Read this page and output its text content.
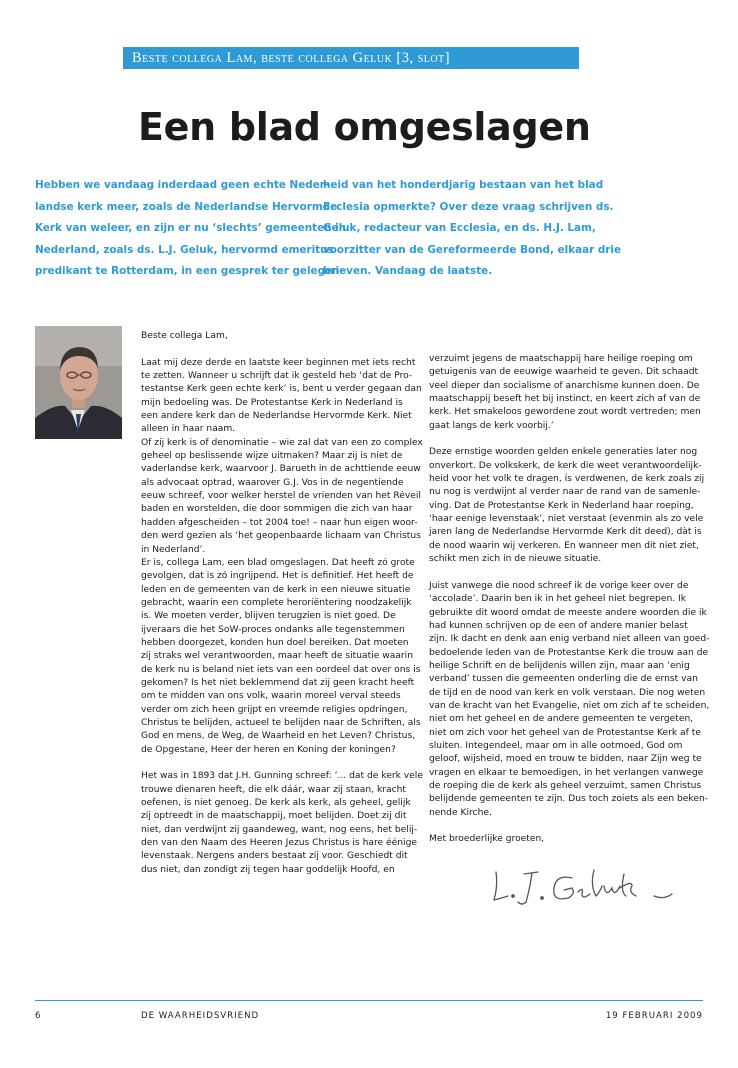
Beste collega Lam, beste collega Geluk [3, slot]
Een blad omgeslagen
Hebben we vandaag inderdaad geen echte Neder-
landse kerk meer, zoals de Nederlandse Hervormde
Kerk van weleer, en zijn er nu ‘slechts’ gemeenten in
Nederland, zoals ds. L.J. Geluk, hervormd emeritus
predikant te Rotterdam, in een gesprek ter gelegen-
heid van het honderdjarig bestaan van het blad
Ecclesia opmerkte? Over deze vraag schrijven ds.
Geluk, redacteur van Ecclesia, en ds. H.J. Lam,
voorzitter van de Gereformeerde Bond, elkaar drie
brieven. Vandaag de laatste.
Beste collega Lam,
Laat mij deze derde en laatste keer beginnen met iets recht
te zetten. Wanneer u schrijft dat ik gesteld heb ‘dat de Pro-
testantse Kerk geen echte kerk’ is, bent u verder gegaan dan
mijn bedoeling was. De Protestantse Kerk in Nederland is
een andere kerk dan de Nederlandse Hervormde Kerk. Niet
alleen in haar naam.
Of zij kerk is of denominatie – wie zal dat van een zo complex
geheel op beslissende wijze uitmaken? Maar zij is niet de
vaderlandse kerk, waarvoor J. Barueth in de achttiende eeuw
als advocaat optrad, waarover G.J. Vos in de negentiende
eeuw schreef, voor welker herstel de vrienden van het Réveil
baden en worstelden, die door sommigen die zich van haar
hadden afgescheiden – tot 2004 toe! – naar hun eigen woor-
den werd gezien als ‘het geopenbaarde lichaam van Christus
in Nederland’.
Er is, collega Lam, een blad omgeslagen. Dat heeft zó grote
gevolgen, dat is zó ingrijpend. Het is definitief. Het heeft de
leden en de gemeenten van de kerk in een nieuwe situatie
gebracht, waarin een complete heroriëntering noodzakelijk
is. We moeten verder, blijven terugzien is niet goed. De
ijveraars die het SoW-proces ondanks alle tegenstemmen
hebben doorgezet, konden hun doel bereiken. Dat moeten
zij straks wel verantwoorden, maar heeft de situatie waarin
de kerk nu is beland niet iets van een oordeel dat over ons is
gekomen? Is het niet beklemmend dat zij geen kracht heeft
om te midden van ons volk, waarin moreel verval steeds
verder om zich heen grijpt en vreemde religies opdringen,
Christus te belijden, actueel te belijden naar de Schriften, als
God en mens, de Weg, de Waarheid en het Leven? Christus,
de Opgestane, Heer der heren en Koning der koningen?
Het was in 1893 dat J.H. Gunning schreef: ‘... dat de kerk vele
trouwe dienaren heeft, die elk dáár, waar zij staan, kracht
oefenen, is niet genoeg. De kerk als kerk, als geheel, gelijk
zij optreedt in de maatschappij, moet belijden. Doet zij dit
niet, dan verdwijnt zij gaandeweg, want, nog eens, het belij-
den van den Naam des Heeren Jezus Christus is hare éénige
levenstaak. Nergens anders bestaat zij voor. Geschiedt dit
dus niet, dan zondigt zij tegen haar goddelijk Hoofd, en
verzuimt jegens de maatschappij hare heilige roeping om
getuigenis van de eeuwige waarheid te geven. Dit schaadt
veel dieper dan socialisme of anarchisme kunnen doen. De
maatschappij beseft het bij instinct, en keert zich af van de
kerk. Het smakeloos gewordene zout wordt vertreden; men
gaat langs de kerk voorbij.’
Deze ernstige woorden gelden enkele generaties later nog
onverkort. De volkskerk, de kerk die weet verantwoordelijk-
heid voor het volk te dragen, ís verdwenen, de kerk zoals zij
nu nog is verdwijnt al verder naar de rand van de samenle-
ving. Dat de Protestantse Kerk in Nederland haar roeping,
‘haar eenige levenstaak’, niet verstaat (evenmin als zo vele
jaren lang de Nederlandse Hervormde Kerk dit deed), dàt is
de nood waarin wij verkeren. En wanneer men dit niet ziet,
schikt men zich in de nieuwe situatie.
Juist vanwege die nood schreef ik de vorige keer over de
‘accolade’. Daarin ben ik in het geheel niet begrepen. Ik
gebruikte dit woord omdat de meeste andere woorden die ik
had kunnen schrijven op de een of andere manier belast
zijn. Ik dacht en denk aan enig verband niet alleen van goed-
bedoelende leden van de Protestantse Kerk die trouw aan de
heilige Schrift en de belijdenis willen zijn, maar aan ‘enig
verband’ tussen die gemeenten onderling die de ernst van
de tijd en de nood van kerk en volk verstaan. Die nog weten
van de kracht van het Evangelie, niet om zich af te scheiden,
niet om het geheel en de andere gemeenten te vergeten,
niet om zich voor het geheel van de Protestantse Kerk af te
sluiten. Integendeel, maar om in alle ootmoed, God om
geloof, wijsheid, moed en trouw te bidden, naar Zijn weg te
vragen en elkaar te bemoedigen, in het verlangen vanwege
de roeping die de kerk als geheel verzuimt, samen Christus
belijdende gemeenten te zijn. Dus toch zoiets als een beken-
nende Kirche.
Met broederlijke groeten,
6	DE WAARHEIDSVRIEND	19 FEBRUARI 2009
